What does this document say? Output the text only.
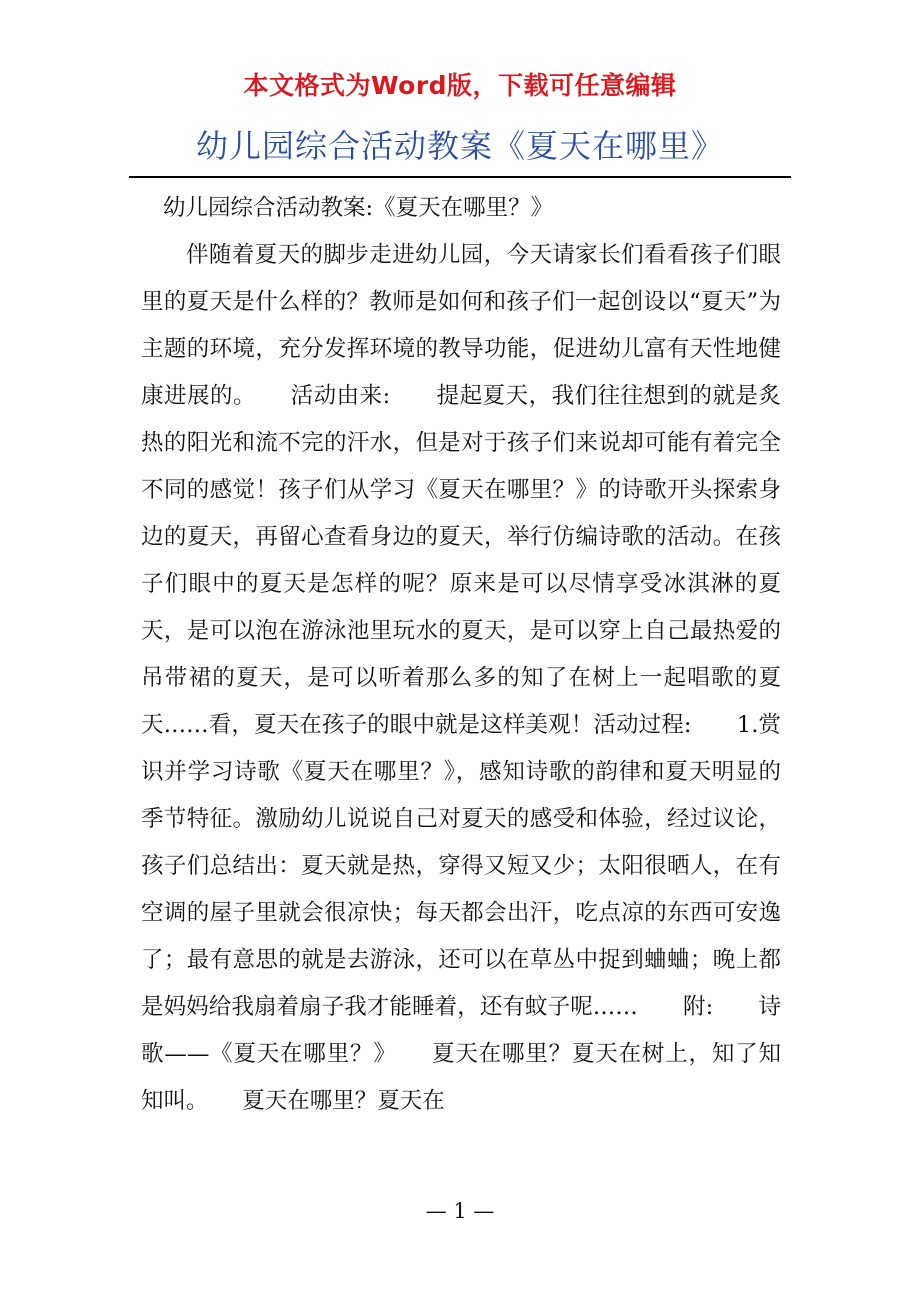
本文格式为Word版，下载可任意编辑
幼儿园综合活动教案《夏天在哪里》

幼儿园综合活动教案:《夏天在哪里？》

伴随着夏天的脚步走进幼儿园，今天请家长们看看孩子们眼里的夏天是什么样的？教师是如何和孩子们一起创设以“夏天”为主题的环境，充分发挥环境的教导功能，促进幼儿富有天性地健康进展的。　　活动由来:　　提起夏天，我们往往想到的就是炙热的阳光和流不完的汗水，但是对于孩子们来说却可能有着完全不同的感觉！孩子们从学习《夏天在哪里？》的诗歌开头探索身边的夏天，再留心查看身边的夏天，举行仿编诗歌的活动。在孩子们眼中的夏天是怎样的呢？原来是可以尽情享受冰淇淋的夏天，是可以泡在游泳池里玩水的夏天，是可以穿上自己最热爱的吊带裙的夏天，是可以听着那么多的知了在树上一起唱歌的夏天……看，夏天在孩子的眼中就是这样美观！活动过程:　　1.赏识并学习诗歌《夏天在哪里？》，感知诗歌的韵律和夏天明显的季节特征。激励幼儿说说自己对夏天的感受和体验，经过议论，孩子们总结出：夏天就是热，穿得又短又少；太阳很晒人，在有空调的屋子里就会很凉快；每天都会出汗，吃点凉的东西可安逸了；最有意思的就是去游泳，还可以在草丛中捉到蛐蛐；晚上都是妈妈给我扇着扇子我才能睡着，还有蚊子呢……　　附:　　诗歌——《夏天在哪里？》　　夏天在哪里？夏天在树上，知了知知叫。　　夏天在哪里？夏天在

— 1 —
